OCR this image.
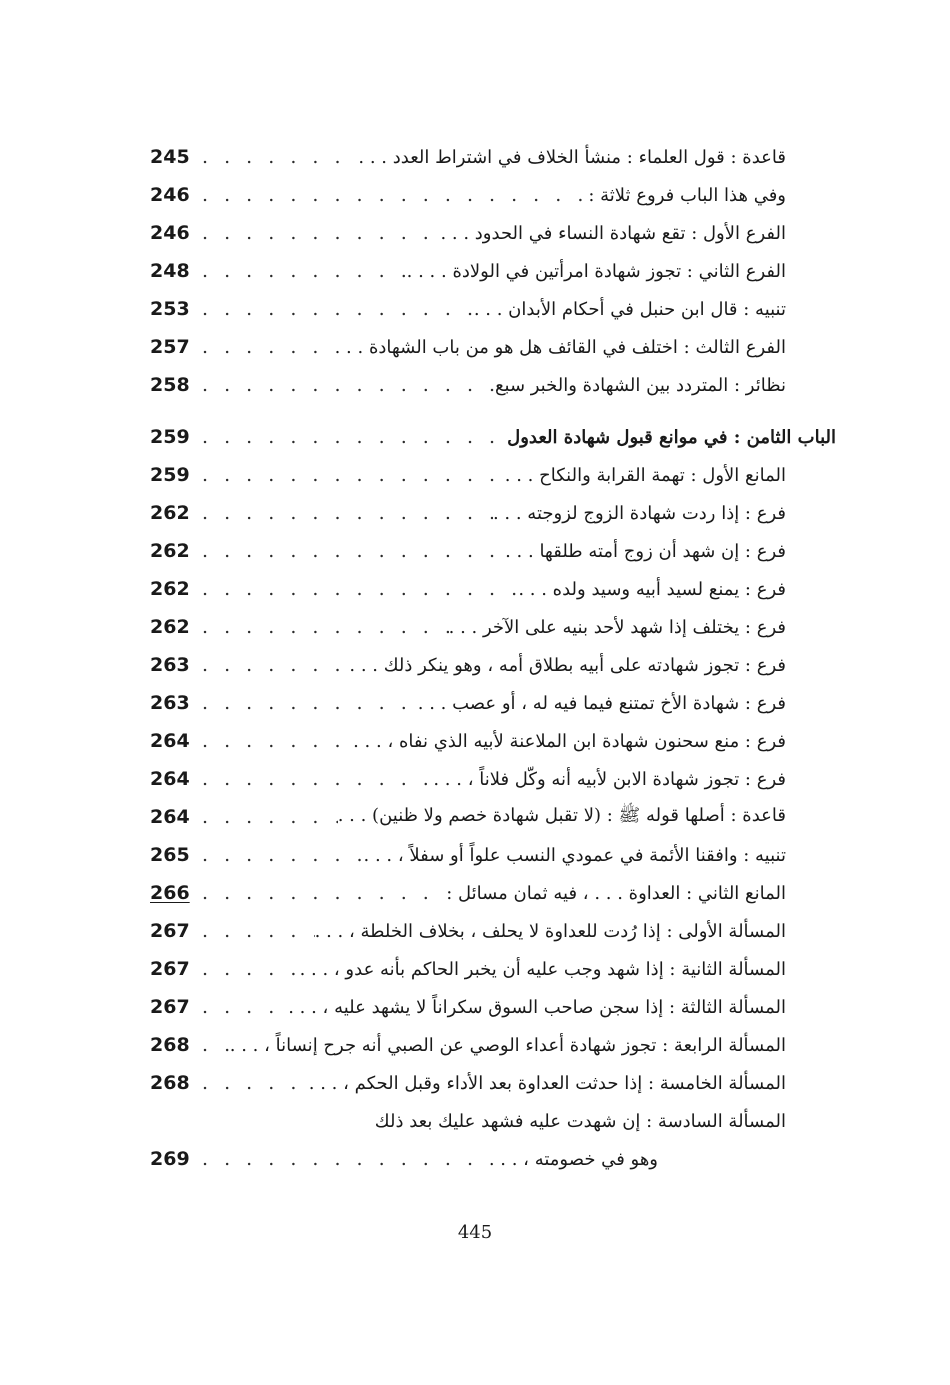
245 . . .	قاعدة : قول العلماء : منشأ الخلاف في اشتراط العدد . . .
246 . . .	وفي هذا الباب فروع ثلاثة :
246 . . .	الفرع الأول : تقع شهادة النساء في الحدود . . .
248 . . .	الفرع الثاني : تجوز شهادة امرأتين في الولادة . . . .
253 . . .	تنبيه : قال ابن حنبل في أحكام الأبدان . . .
257 . . .	الفرع الثالث : اختلف في القائف هل هو من باب الشهادة . . .
258 . . .	نظائر : المتردد بين الشهادة والخبر سبع
259 . . .	الباب الثامن : في موانع قبول شهادة العدول
259 . . .	المانع الأول : تهمة القرابة والنكاح . . .
262 . . .	فرع : إذا ردت شهادة الزوج لزوجته . . .
262 . . .	فرع : إن شهد أن زوج أمته طلقها . . .
262 . . .	فرع : يمنع لسيد أبيه وسيد ولده . . .
262 . . .	فرع : يختلف إذا شهد لأحد بنيه على الآخر . . .
263 . . .	فرع : تجوز شهادته على أبيه بطلاق أمه ، وهو ينكر ذلك . . .
263 . . .	فرع : شهادة الأخ تمتنع فيما فيه له ، أو عصب . . .
264 . . .	فرع : منع سحنون شهادة ابن الملاعنة لأبيه الذي نفاه ، . . .
264 . . .	فرع : تجوز شهادة الابن لأبيه أنه وكّل فلاناً ، . . .
264 . . .	قاعدة : أصلها قوله ﷺ : (لا تقبل شهادة خصم ولا ظنين) . . .
265 . . .	تنبيه : وافقنا الأئمة في عمودي النسب علواً أو سفلاً ، . . .
266 . . .	المانع الثاني : العداوة . . . ، فيه ثمان مسائل :
267 . . .	المسألة الأولى : إذا رُدت للعداوة لا يحلف ، بخلاف الخلطة ، . . .
267 . . .	المسألة الثانية : إذا شهد وجب عليه أن يخبر الحاكم بأنه عدو ، . . .
267 . . .	المسألة الثالثة : إذا سجن صاحب السوق سكراناً لا يشهد عليه ، . . .
268 . . .	المسألة الرابعة : تجوز شهادة أعداء الوصي عن الصبي أنه جرح إنساناً ، . . .
268 . . .	المسألة الخامسة : إذا حدثت العداوة بعد الأداء وقبل الحكم ، . . .
المسألة السادسة : إن شهدت عليه فشهد عليك بعد ذلك
269 . . .	وهو في خصومته ، . . .
445
